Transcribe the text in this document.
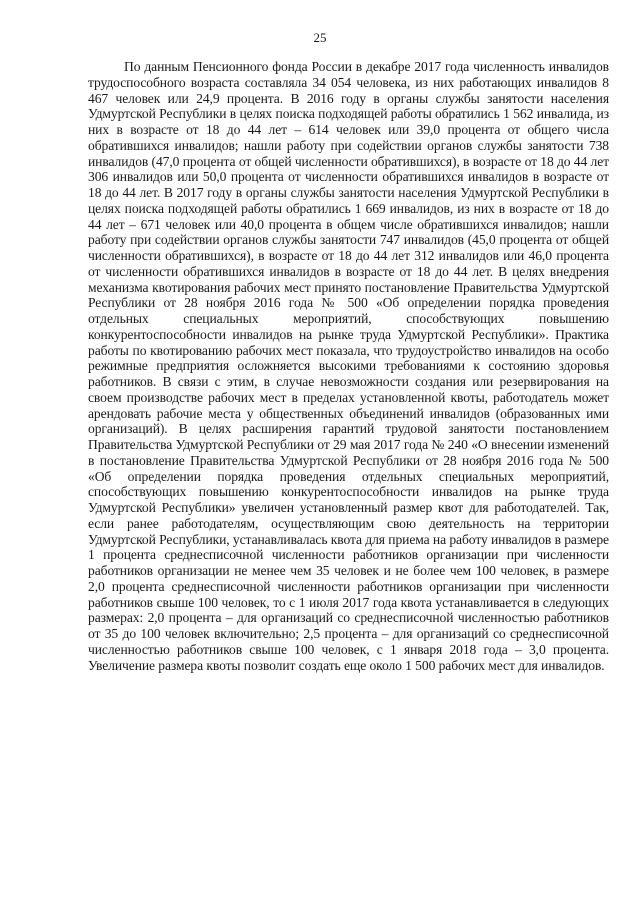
25

По данным Пенсионного фонда России в декабре 2017 года численность инвалидов трудоспособного возраста составляла 34 054 человека, из них работающих инвалидов 8 467 человек или 24,9 процента. В 2016 году в органы службы занятости населения Удмуртской Республики в целях поиска подходящей работы обратились 1 562 инвалида, из них в возрасте от 18 до 44 лет – 614 человек или 39,0 процента от общего числа обратившихся инвалидов; нашли работу при содействии органов службы занятости 738 инвалидов (47,0 процента от общей численности обратившихся), в возрасте от 18 до 44 лет 306 инвалидов или 50,0 процента от численности обратившихся инвалидов в возрасте от 18 до 44 лет. В 2017 году в органы службы занятости населения Удмуртской Республики в целях поиска подходящей работы обратились 1 669 инвалидов, из них в возрасте от 18 до 44 лет – 671 человек или 40,0 процента в общем числе обратившихся инвалидов; нашли работу при содействии органов службы занятости 747 инвалидов (45,0 процента от общей численности обратившихся), в возрасте от 18 до 44 лет 312 инвалидов или 46,0 процента от численности обратившихся инвалидов в возрасте от 18 до 44 лет. В целях внедрения механизма квотирования рабочих мест принято постановление Правительства Удмуртской Республики от 28 ноября 2016 года № 500 «Об определении порядка проведения отдельных специальных мероприятий, способствующих повышению конкурентоспособности инвалидов на рынке труда Удмуртской Республики». Практика работы по квотированию рабочих мест показала, что трудоустройство инвалидов на особо режимные предприятия осложняется высокими требованиями к состоянию здоровья работников. В связи с этим, в случае невозможности создания или резервирования на своем производстве рабочих мест в пределах установленной квоты, работодатель может арендовать рабочие места у общественных объединений инвалидов (образованных ими организаций). В целях расширения гарантий трудовой занятости постановлением Правительства Удмуртской Республики от 29 мая 2017 года № 240 «О внесении изменений в постановление Правительства Удмуртской Республики от 28 ноября 2016 года № 500 «Об определении порядка проведения отдельных специальных мероприятий, способствующих повышению конкурентоспособности инвалидов на рынке труда Удмуртской Республики» увеличен установленный размер квот для работодателей. Так, если ранее работодателям, осуществляющим свою деятельность на территории Удмуртской Республики, устанавливалась квота для приема на работу инвалидов в размере 1 процента среднесписочной численности работников организации при численности работников организации не менее чем 35 человек и не более чем 100 человек, в размере 2,0 процента среднесписочной численности работников организации при численности работников свыше 100 человек, то с 1 июля 2017 года квота устанавливается в следующих размерах: 2,0 процента – для организаций со среднесписочной численностью работников от 35 до 100 человек включительно; 2,5 процента – для организаций со среднесписочной численностью работников свыше 100 человек, с 1 января 2018 года – 3,0 процента. Увеличение размера квоты позволит создать еще около 1 500 рабочих мест для инвалидов.
